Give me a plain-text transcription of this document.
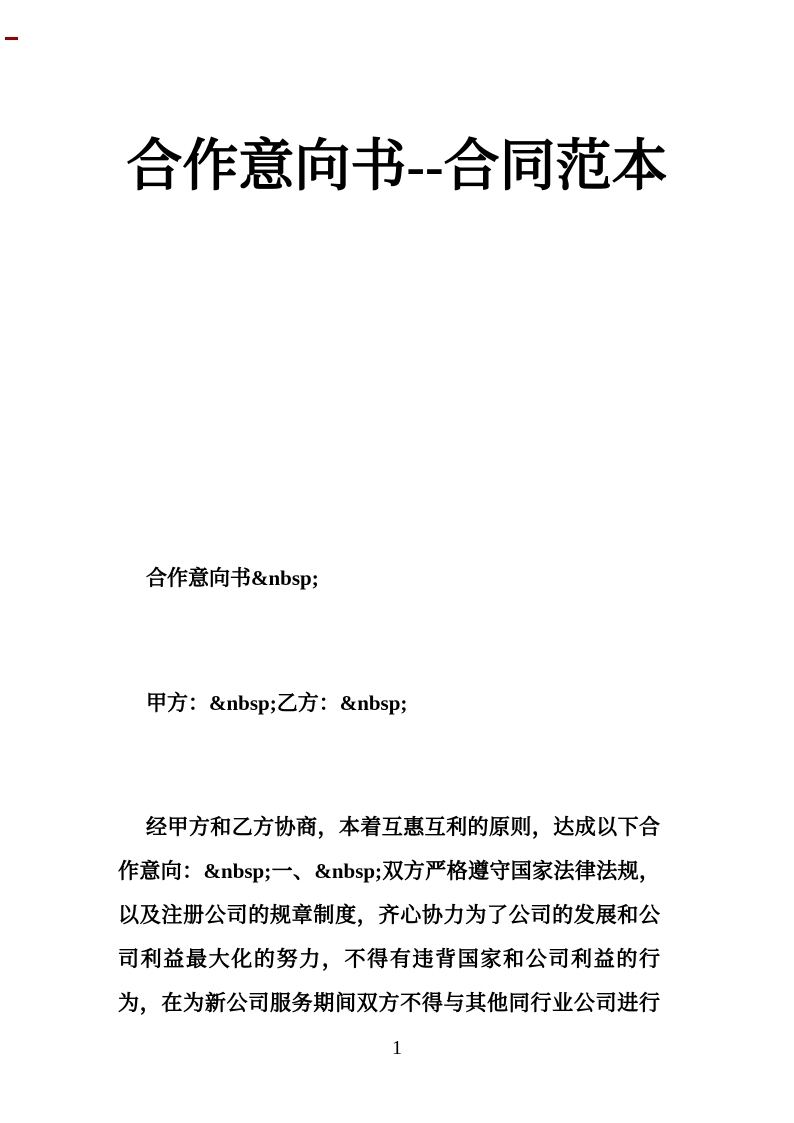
合作意向书--合同范本

合作意向书&nbsp;

甲方：&nbsp;乙方：&nbsp;

经甲方和乙方协商，本着互惠互利的原则，达成以下合
作意向：&nbsp;一、&nbsp;双方严格遵守国家法律法规，
以及注册公司的规章制度，齐心协力为了公司的发展和公
司利益最大化的努力，不得有违背国家和公司利益的行
为，在为新公司服务期间双方不得与其他同行业公司进行
1
